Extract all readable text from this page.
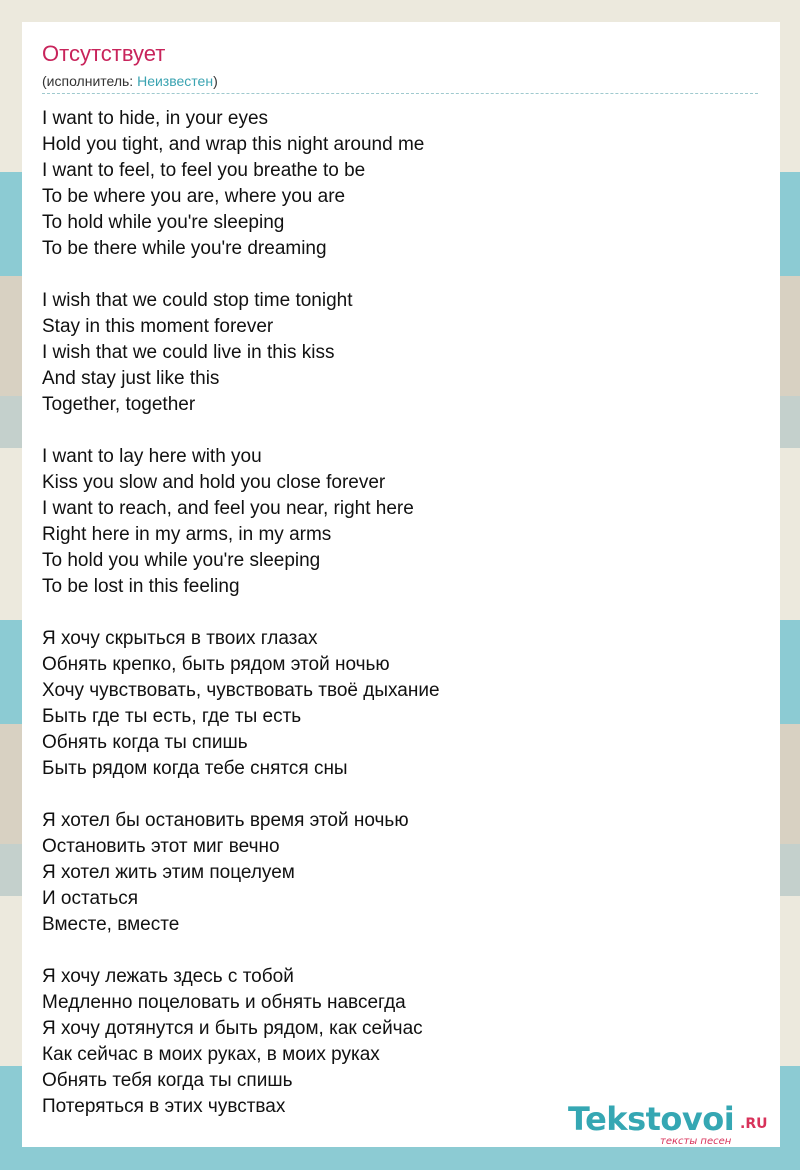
Отсутствует
(исполнитель: Неизвестен)
I want to hide, in your eyes
Hold you tight, and wrap this night around me
I want to feel, to feel you breathe to be
To be where you are, where you are
To hold while you're sleeping
To be there while you're dreaming
I wish that we could stop time tonight
Stay in this moment forever
I wish that we could live in this kiss
And stay just like this
Together, together
I want to lay here with you
Kiss you slow and hold you close forever
I want to reach, and feel you near, right here
Right here in my arms, in my arms
To hold you while you're sleeping
To be lost in this feeling
Я хочу скрыться в твоих глазах
Обнять крепко, быть рядом этой ночью
Хочу чувствовать, чувствовать твоё дыхание
Быть где ты есть, где ты есть
Обнять когда ты спишь
Быть рядом когда тебе снятся сны
Я хотел бы остановить время этой ночью
Остановить этот миг вечно
Я хотел жить этим поцелуем
И остаться
Вместе, вместе
Я хочу лежать здесь с тобой
Медленно поцеловать и обнять навсегда
Я хочу дотянутся и быть рядом, как сейчас
Как сейчас в моих руках, в моих руках
Обнять тебя когда ты спишь
Потеряться в этих чувствах	Tekstovoi .RU
тексты песен
